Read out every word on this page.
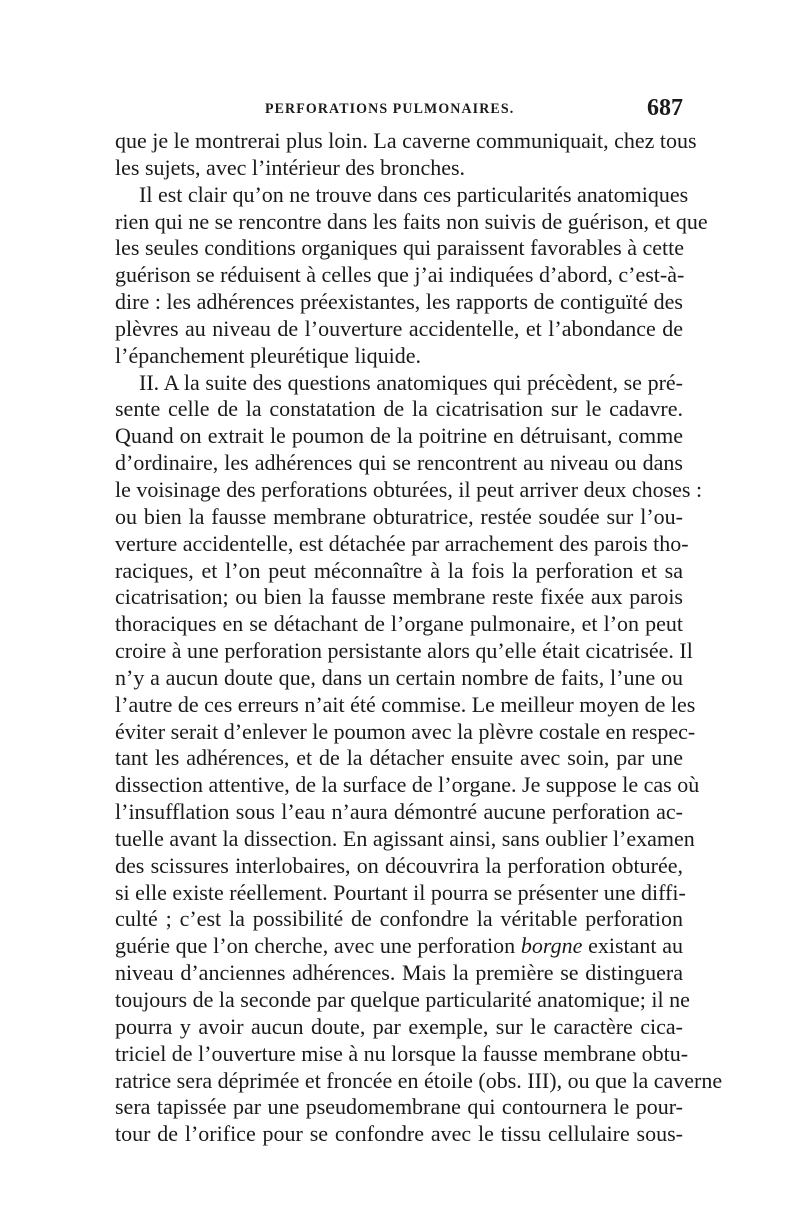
PERFORATIONS PULMONAIRES.	687
que je le montrerai plus loin. La caverne communiquait, chez tous
les sujets, avec l’intérieur des bronches.
Il est clair qu’on ne trouve dans ces particularités anatomiques
rien qui ne se rencontre dans les faits non suivis de guérison, et que
les seules conditions organiques qui paraissent favorables à cette
guérison se réduisent à celles que j’ai indiquées d’abord, c’est-à-
dire : les adhérences préexistantes, les rapports de contiguïté des
plèvres au niveau de l’ouverture accidentelle, et l’abondance de
l’épanchement pleurétique liquide.
II. A la suite des questions anatomiques qui précèdent, se pré-
sente celle de la constatation de la cicatrisation sur le cadavre.
Quand on extrait le poumon de la poitrine en détruisant, comme
d’ordinaire, les adhérences qui se rencontrent au niveau ou dans
le voisinage des perforations obturées, il peut arriver deux choses :
ou bien la fausse membrane obturatrice, restée soudée sur l’ou-
verture accidentelle, est détachée par arrachement des parois tho-
raciques, et l’on peut méconnaître à la fois la perforation et sa
cicatrisation; ou bien la fausse membrane reste fixée aux parois
thoraciques en se détachant de l’organe pulmonaire, et l’on peut
croire à une perforation persistante alors qu’elle était cicatrisée. Il
n’y a aucun doute que, dans un certain nombre de faits, l’une ou
l’autre de ces erreurs n’ait été commise. Le meilleur moyen de les
éviter serait d’enlever le poumon avec la plèvre costale en respec-
tant les adhérences, et de la détacher ensuite avec soin, par une
dissection attentive, de la surface de l’organe. Je suppose le cas où
l’insufflation sous l’eau n’aura démontré aucune perforation ac-
tuelle avant la dissection. En agissant ainsi, sans oublier l’examen
des scissures interlobaires, on découvrira la perforation obturée,
si elle existe réellement. Pourtant il pourra se présenter une diffi-
culté ; c’est la possibilité de confondre la véritable perforation
guérie que l’on cherche, avec une perforation borgne existant au
niveau d’anciennes adhérences. Mais la première se distinguera
toujours de la seconde par quelque particularité anatomique; il ne
pourra y avoir aucun doute, par exemple, sur le caractère cica-
triciel de l’ouverture mise à nu lorsque la fausse membrane obtu-
ratrice sera déprimée et froncée en étoile (obs. III), ou que la caverne
sera tapissée par une pseudomembrane qui contournera le pour-
tour de l’orifice pour se confondre avec le tissu cellulaire sous-
